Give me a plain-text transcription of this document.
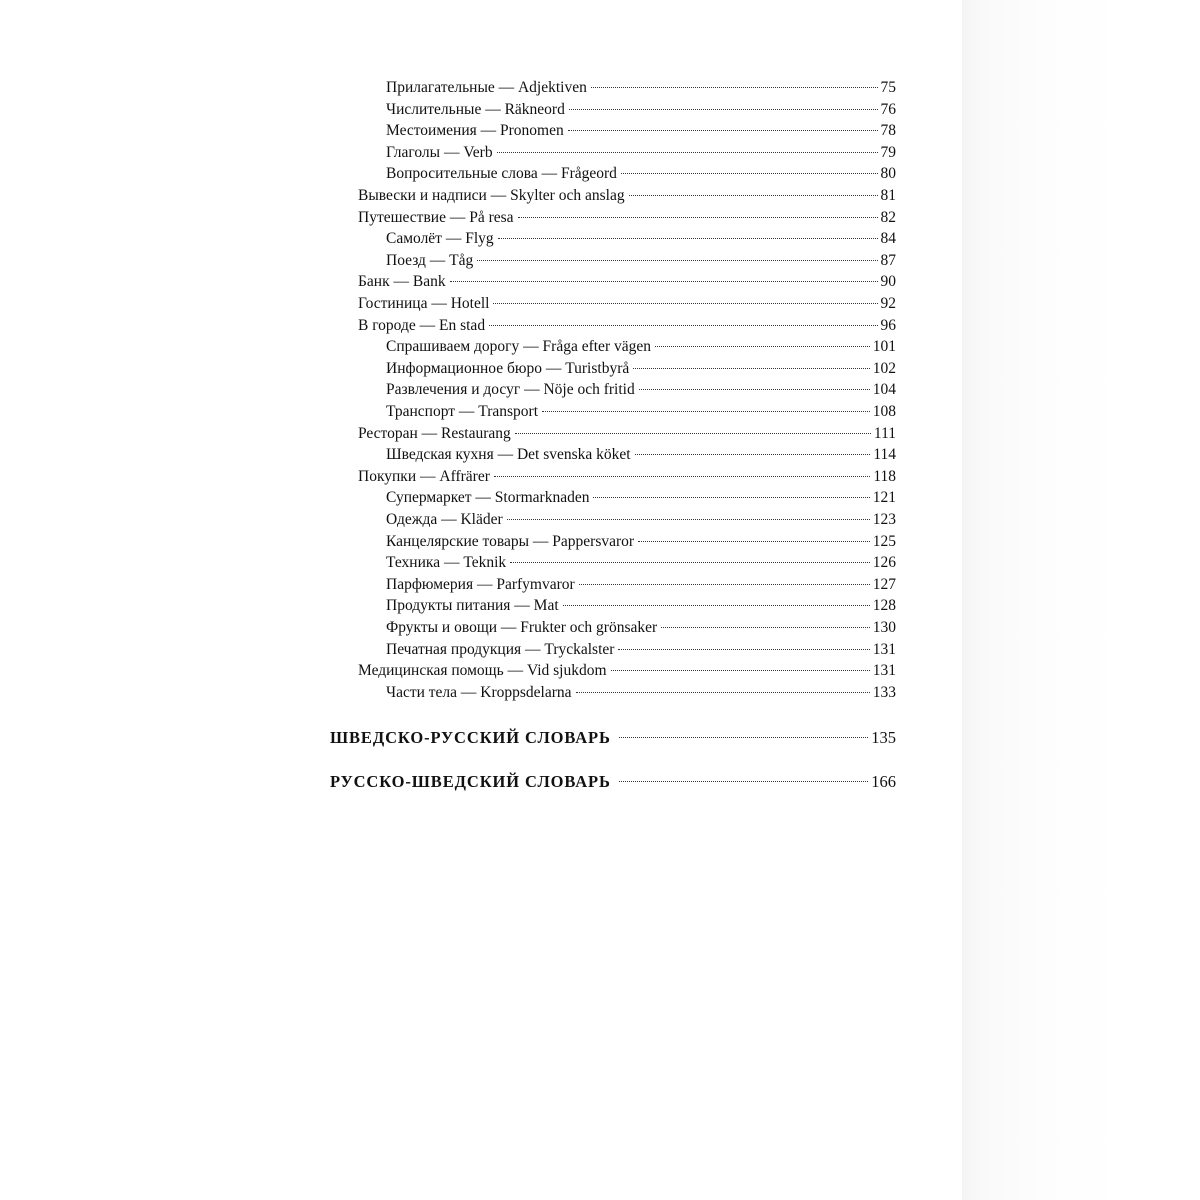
Прилагательные — Adjektiven	75
Числительные — Räkneord	76
Местоимения — Pronomen	78
Глаголы — Verb	79
Вопросительные слова — Frågeord	80
Вывески и надписи — Skylter och anslag	81
Путешествие — På resa	82
Самолёт — Flyg	84
Поезд — Tåg	87
Банк — Bank	90
Гостиница — Hotell	92
В городе — En stad	96
Спрашиваем дорогу — Fråga efter vägen	101
Информационное бюро — Turistbyrå	102
Развлечения и досуг — Nöje och fritid	104
Транспорт — Transport	108
Ресторан — Restaurang	111
Шведская кухня — Det svenska köket	114
Покупки — Affrärer	118
Супермаркет — Stormarknaden	121
Одежда — Kläder	123
Канцелярские товары — Pappersvaror	125
Техника — Teknik	126
Парфюмерия — Parfymvaror	127
Продукты питания — Mat	128
Фрукты и овощи — Frukter och grönsaker	130
Печатная продукция — Tryckalster	131
Медицинская помощь — Vid sjukdom	131
Части тела — Kroppsdelarna	133
ШВЕДСКО-РУССКИЙ СЛОВАРЬ	135
РУССКО-ШВЕДСКИЙ СЛОВАРЬ	166
